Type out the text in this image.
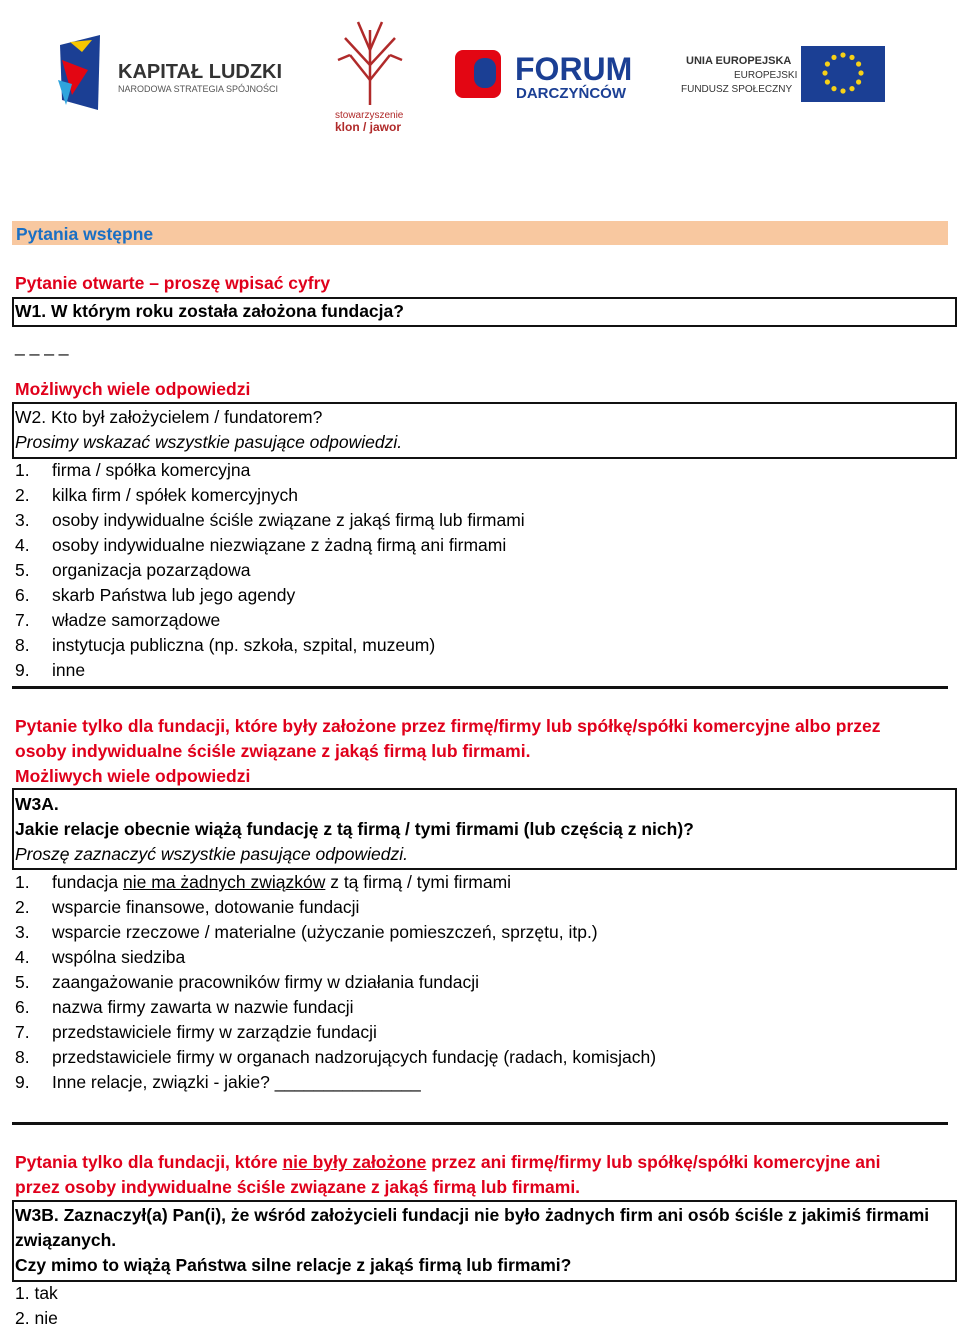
KAPITAŁ LUDZKI
NARODOWA STRATEGIA SPÓJNOŚCI
stowarzyszenie
klon / jawor
FORUM
DARCZYŃCÓW
UNIA EUROPEJSKA
EUROPEJSKI
FUNDUSZ SPOŁECZNY
Pytania wstępne
Pytanie otwarte – proszę wpisać cyfry
W1. W którym roku została założona fundacja?
_ _ _ _
Możliwych wiele odpowiedzi
W2. Kto był założycielem / fundatorem?
Prosimy wskazać wszystkie pasujące odpowiedzi.
1. firma / spółka komercyjna
2. kilka firm / spółek komercyjnych
3. osoby indywidualne ściśle związane z jakąś firmą lub firmami
4. osoby indywidualne niezwiązane z żadną firmą ani firmami
5. organizacja pozarządowa
6. skarb Państwa lub jego agendy
7. władze samorządowe
8. instytucja publiczna (np. szkoła, szpital, muzeum)
9. inne
Pytanie tylko dla fundacji, które były założone przez firmę/firmy lub spółkę/spółki komercyjne albo przez
osoby indywidualne ściśle związane z jakąś firmą lub firmami.
Możliwych wiele odpowiedzi
W3A.
Jakie relacje obecnie wiążą fundację z tą firmą / tymi firmami (lub częścią z nich)?
Proszę zaznaczyć wszystkie pasujące odpowiedzi.
1. fundacja nie ma żadnych związków z tą firmą / tymi firmami
2. wsparcie finansowe, dotowanie fundacji
3. wsparcie rzeczowe / materialne (użyczanie pomieszczeń, sprzętu, itp.)
4. wspólna siedziba
5. zaangażowanie pracowników firmy w działania fundacji
6. nazwa firmy zawarta w nazwie fundacji
7. przedstawiciele firmy w zarządzie fundacji
8. przedstawiciele firmy w organach nadzorujących fundację (radach, komisjach)
9. Inne relacje, związki - jakie? _______________
Pytania tylko dla fundacji, które nie były założone przez ani firmę/firmy lub spółkę/spółki komercyjne ani
przez osoby indywidualne ściśle związane z jakąś firmą lub firmami.
W3B. Zaznaczył(a) Pan(i), że wśród założycieli fundacji nie było żadnych firm ani osób ściśle z jakimiś firmami
związanych.
Czy mimo to wiążą Państwa silne relacje z jakąś firmą lub firmami?
1. tak
2. nie
